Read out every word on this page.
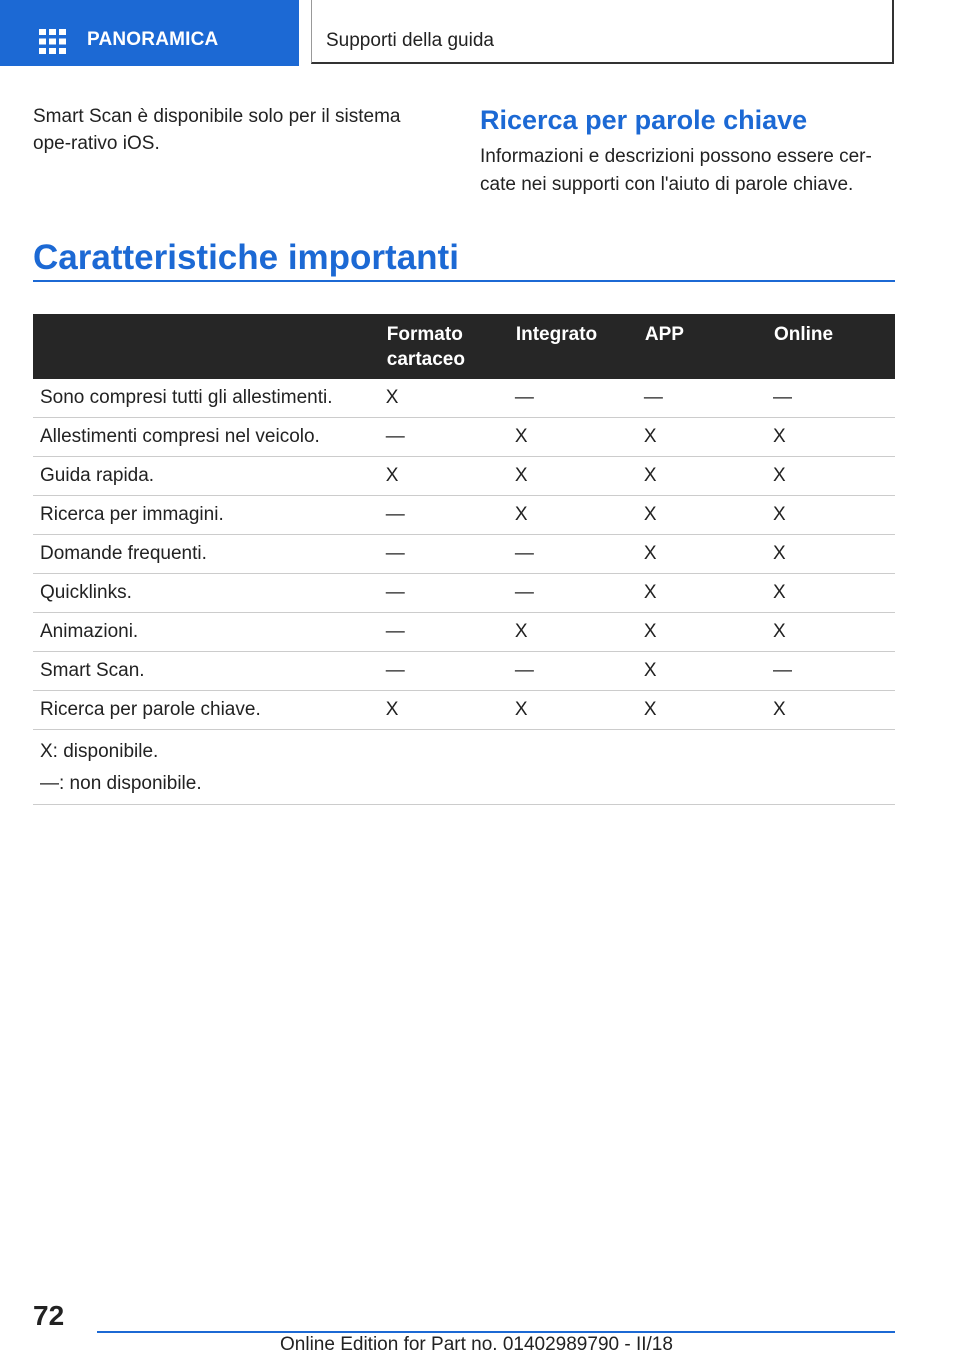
PANORAMICA	Supporti della guida
Smart Scan è disponibile solo per il sistema ope-rativo iOS.
Ricerca per parole chiave

Informazioni e descrizioni possono essere cer-cate nei supporti con l'aiuto di parole chiave.

Caratteristiche importanti
	Formato cartaceo	Integrato	APP	Online
Sono compresi tutti gli allestimenti.	X	—	—	—
Allestimenti compresi nel veicolo.	—	X	X	X
Guida rapida.	X	X	X	X
Ricerca per immagini.	—	X	X	X
Domande frequenti.	—	—	X	X
Quicklinks.	—	—	X	X
Animazioni.	—	X	X	X
Smart Scan.	—	—	X	—
Ricerca per parole chiave.	X	X	X	X

X: disponibile.
—: non disponibile.				
72
Online Edition for Part no. 01402989790 - II/18
